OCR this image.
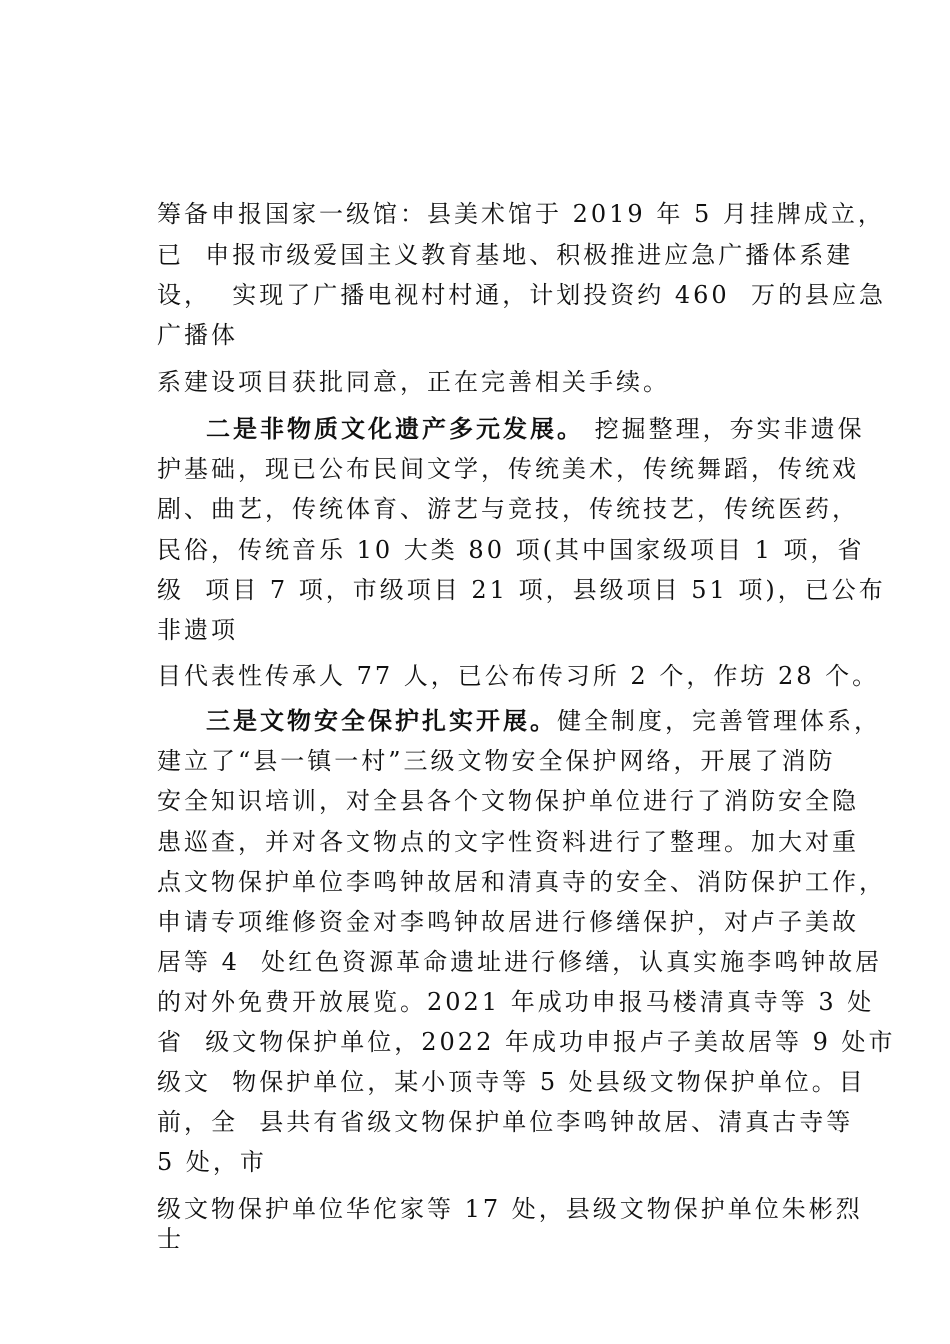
筹备申报国家一级馆：县美术馆于 2019 年 5 月挂牌成立，
已  申报市级爱国主义教育基地、积极推进应急广播体系建
设，  实现了广播电视村村通，计划投资约 460  万的县应急
广播体
系建设项目获批同意，正在完善相关手续。
二是非物质文化遗产多元发展。 挖掘整理，夯实非遗保
护基础，现已公布民间文学，传统美术，传统舞蹈，传统戏
剧、曲艺，传统体育、游艺与竞技，传统技艺，传统医药，
民俗，传统音乐 10 大类 80 项(其中国家级项目 1 项，省
级  项目 7 项，市级项目 21 项，县级项目 51 项)，已公布
非遗项
目代表性传承人 77 人，已公布传习所 2 个，作坊 28 个。
三是文物安全保护扎实开展。健全制度，完善管理体系，
建立了“县一镇一村”三级文物安全保护网络，开展了消防
安全知识培训，对全县各个文物保护单位进行了消防安全隐
患巡查，并对各文物点的文字性资料进行了整理。加大对重
点文物保护单位李鸣钟故居和清真寺的安全、消防保护工作，
申请专项维修资金对李鸣钟故居进行修缮保护，对卢子美故
居等 4  处红色资源革命遗址进行修缮，认真实施李鸣钟故居
的对外免费开放展览。2021 年成功申报马楼清真寺等 3 处
省  级文物保护单位，2022 年成功申报卢子美故居等 9 处市
级文  物保护单位，某小顶寺等 5 处县级文物保护单位。目
前，全  县共有省级文物保护单位李鸣钟故居、清真古寺等
5 处，市
级文物保护单位华佗家等 17 处，县级文物保护单位朱彬烈
士
